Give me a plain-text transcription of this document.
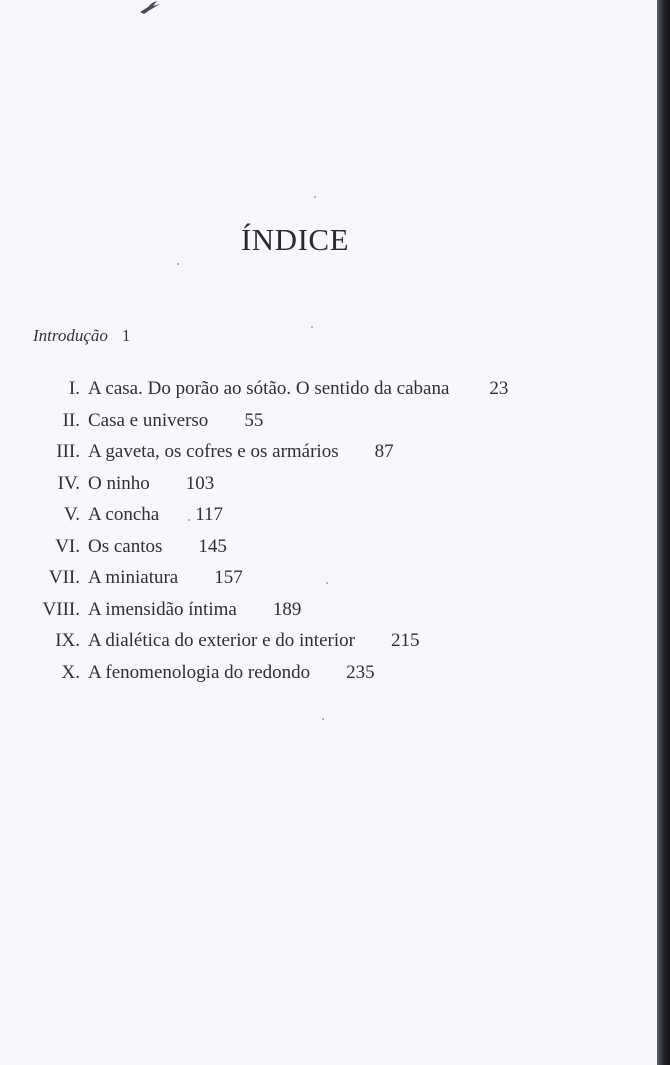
ÍNDICE
Introdução 1
I. A casa. Do porão ao sótão. O sentido da cabana 23
II. Casa e universo 55
III. A gaveta, os cofres e os armários 87
IV. O ninho 103
V. A concha 117
VI. Os cantos 145
VII. A miniatura 157
VIII. A imensidão íntima 189
IX. A dialética do exterior e do interior 215
X. A fenomenologia do redondo 235
